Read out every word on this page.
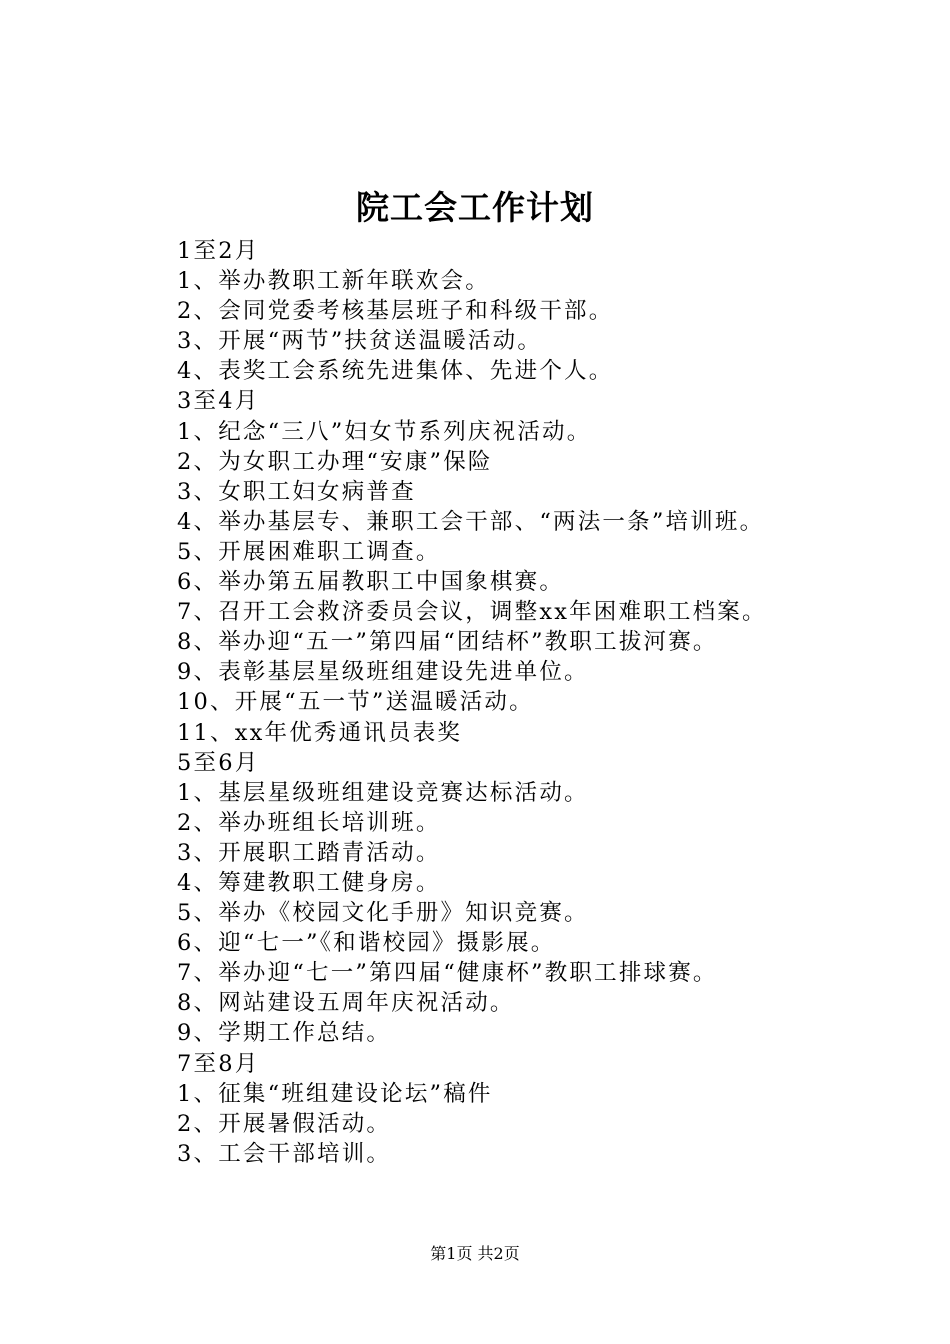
院工会工作计划
1至2月
1、举办教职工新年联欢会。
2、会同党委考核基层班子和科级干部。
3、开展“两节”扶贫送温暖活动。
4、表奖工会系统先进集体、先进个人。
3至4月
1、纪念“三八”妇女节系列庆祝活动。
2、为女职工办理“安康”保险
3、女职工妇女病普查
4、举办基层专、兼职工会干部、“两法一条”培训班。
5、开展困难职工调查。
6、举办第五届教职工中国象棋赛。
7、召开工会救济委员会议，调整xx年困难职工档案。
8、举办迎“五一”第四届“团结杯”教职工拔河赛。
9、表彰基层星级班组建设先进单位。
10、开展“五一节”送温暖活动。
11、xx年优秀通讯员表奖
5至6月
1、基层星级班组建设竞赛达标活动。
2、举办班组长培训班。
3、开展职工踏青活动。
4、筹建教职工健身房。
5、举办《校园文化手册》知识竞赛。
6、迎“七一”《和谐校园》摄影展。
7、举办迎“七一”第四届“健康杯”教职工排球赛。
8、网站建设五周年庆祝活动。
9、学期工作总结。
7至8月
1、征集“班组建设论坛”稿件
2、开展暑假活动。
3、工会干部培训。
第1页 共2页
